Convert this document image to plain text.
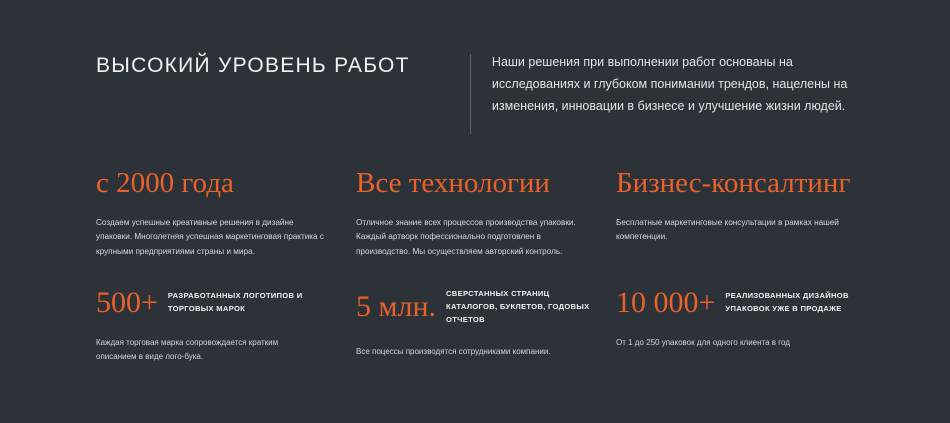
ВЫСОКИЙ УРОВЕНЬ РАБОТ	Наши решения при выполнении работ основаны на исследованиях и глубоком понимании трендов, нацелены на изменения, инновации в бизнесе и улучшение жизни людей.
с 2000 года

Создаем успешные креативные решения в дизайне упаковки. Многолетняя успешная маркетинговая практика с крупными предприятиями страны и мира.

Все технологии

Отличное знание всех процессов производства упаковки. Каждый артворк пофессионально подготовлен в производство. Мы осуществляем авторский контроль.

Бизнес-консалтинг

Бесплатные маркетинговые консультации в рамках нашей компетенции.

500+ РАЗРАБОТАННЫХ ЛОГОТИПОВ И ТОРГОВЫХ МАРОК
Каждая торговая марка сопровождается кратким описанием в виде лого-бука.
5 млн. СВЕРСТАННЫХ СТРАНИЦ КАТАЛОГОВ, БУКЛЕТОВ, ГОДОВЫХ ОТЧЕТОВ
Все поцессы производятся сотрудниками компании.
10 000+ РЕАЛИЗОВАННЫХ ДИЗАЙНОВ УПАКОВОК УЖЕ В ПРОДАЖЕ
От 1 до 250 упаковок для одного клиента в год
